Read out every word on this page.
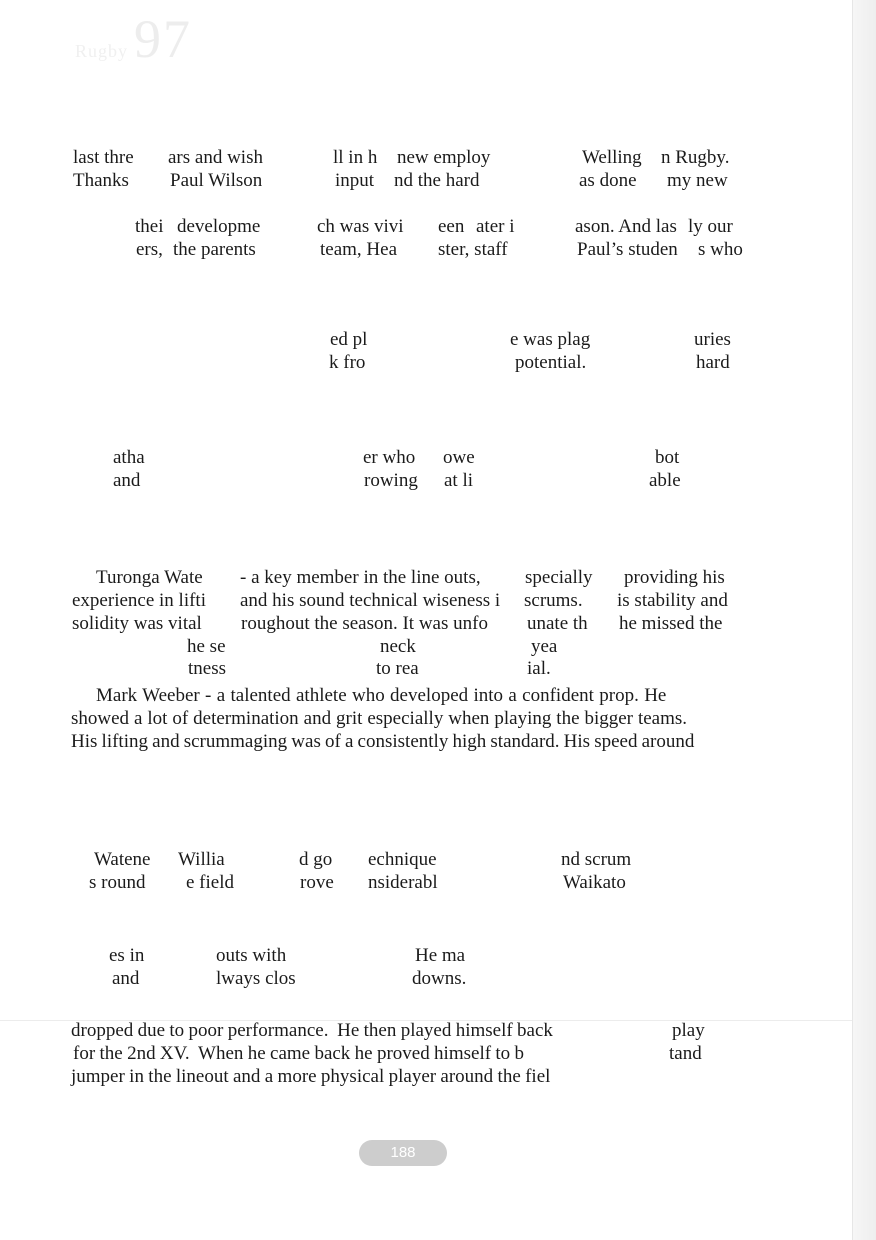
Rugby 97
last thre ars and wish	ll in h new employ	Welling n Rugby.
Thanks Paul Wilson	input nd the hard	as done my new
thei developme	ch was vivi een ater i	ason. And las ly our
ers, the parents	team, Hea ster, staff	Paul’s studen s who
ed pl	e was plag	uries
k fro	potential.	hard
atha	er who owe	bot
and	rowing at li	able
Turonga Wate - a key member in the line outs, specially providing his
experience in lifti and his sound technical wiseness i scrums. is stability and
solidity was vital roughout the season. It was unfo unate th he missed the
he se	neck	yea
tness	to rea	ial.
Mark Weeber - a talented athlete who developed into a confident prop. He
showed a lot of determination and grit especially when playing the bigger teams.
His lifting and scrummaging was of a consistently high standard. His speed around
Watene Willia	d go echnique	nd scrum
s round e field	rove nsiderabl	Waikato
es in	outs with	He ma
and	lways clos	downs.
dropped due to poor performance.  He then played himself back	play
for the 2nd XV.  When he came back he proved himself to b	tand
jumper in the lineout and a more physical player around the fiel
188
